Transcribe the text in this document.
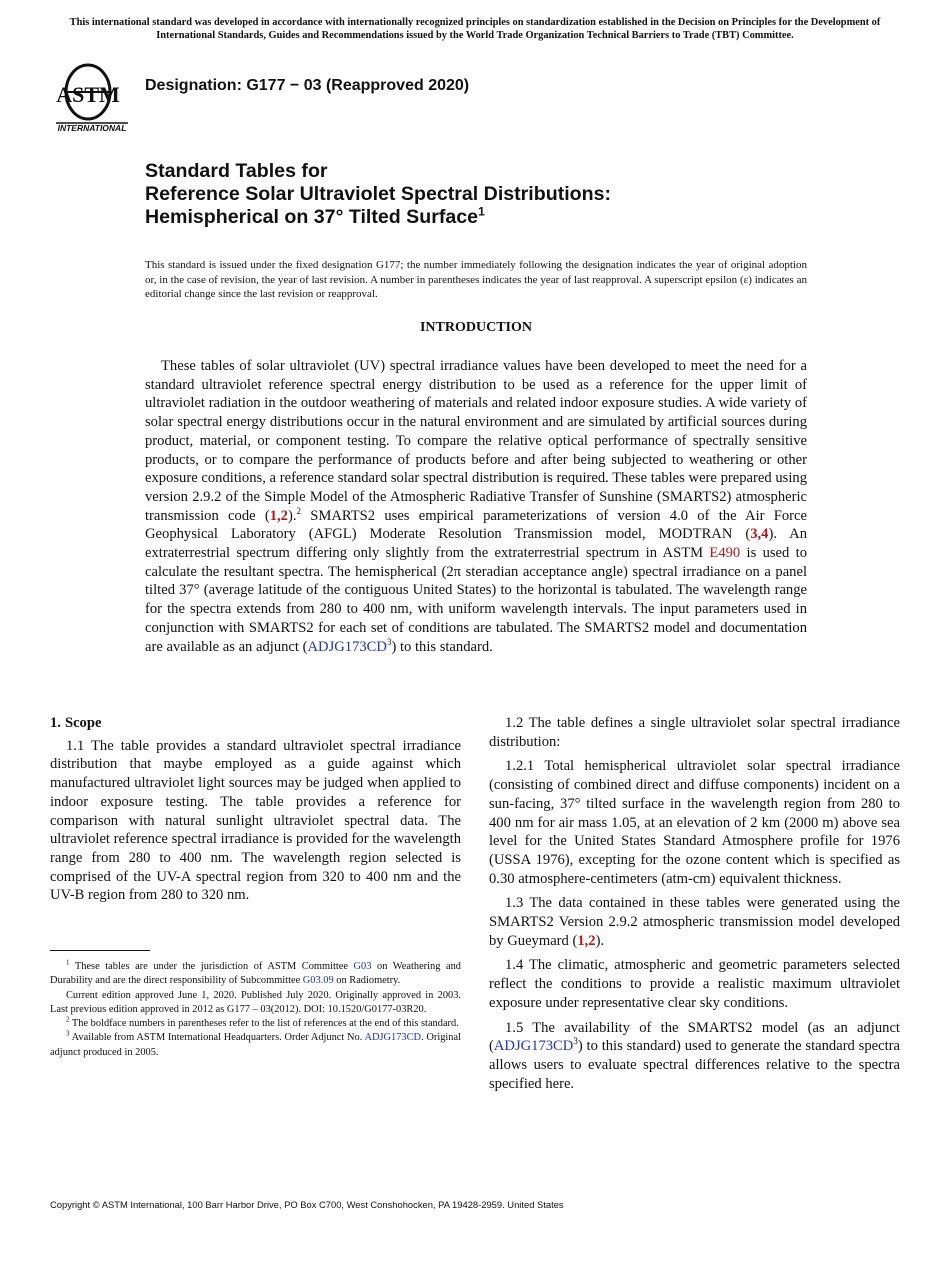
This international standard was developed in accordance with internationally recognized principles on standardization established in the Decision on Principles for the Development of International Standards, Guides and Recommendations issued by the World Trade Organization Technical Barriers to Trade (TBT) Committee.
ASTM
INTERNATIONAL
Designation: G177 − 03 (Reapproved 2020)
Standard Tables for
Reference Solar Ultraviolet Spectral Distributions:
Hemispherical on 37° Tilted Surface$^1$
This standard is issued under the fixed designation G177; the number immediately following the designation indicates the year of original adoption or, in the case of revision, the year of last revision. A number in parentheses indicates the year of last reapproval. A superscript epsilon (ε) indicates an editorial change since the last revision or reapproval.
INTRODUCTION
These tables of solar ultraviolet (UV) spectral irradiance values have been developed to meet the need for a standard ultraviolet reference spectral energy distribution to be used as a reference for the upper limit of ultraviolet radiation in the outdoor weathering of materials and related indoor exposure studies. A wide variety of solar spectral energy distributions occur in the natural environment and are simulated by artificial sources during product, material, or component testing. To compare the relative optical performance of spectrally sensitive products, or to compare the performance of products before and after being subjected to weathering or other exposure conditions, a reference standard solar spectral distribution is required. These tables were prepared using version 2.9.2 of the Simple Model of the Atmospheric Radiative Transfer of Sunshine (SMARTS2) atmospheric transmission code (1,2).$^2$ SMARTS2 uses empirical parameterizations of version 4.0 of the Air Force Geophysical Laboratory (AFGL) Moderate Resolution Transmission model, MODTRAN (3,4). An extraterrestrial spectrum differing only slightly from the extraterrestrial spectrum in ASTM E490 is used to calculate the resultant spectra. The hemispherical (2π steradian acceptance angle) spectral irradiance on a panel tilted 37° (average latitude of the contiguous United States) to the horizontal is tabulated. The wavelength range for the spectra extends from 280 to 400 nm, with uniform wavelength intervals. The input parameters used in conjunction with SMARTS2 for each set of conditions are tabulated. The SMARTS2 model and documentation are available as an adjunct $(ADJG173CD^3)$ to this standard.
1. Scope

1.1 The table provides a standard ultraviolet spectral irradiance distribution that maybe employed as a guide against which manufactured ultraviolet light sources may be judged when applied to indoor exposure testing. The table provides a reference for comparison with natural sunlight ultraviolet spectral data. The ultraviolet reference spectral irradiance is provided for the wavelength range from 280 to 400 nm. The wavelength region selected is comprised of the UV-A spectral region from 320 to 400 nm and the UV-B region from 280 to 320 nm.

$^1$ These tables are under the jurisdiction of ASTM Committee G03 on Weathering and Durability and are the direct responsibility of Subcommittee G03.09 on Radiometry.

Current edition approved June 1, 2020. Published July 2020. Originally approved in 2003. Last previous edition approved in 2012 as G177 – 03(2012). DOI: 10.1520/G0177-03R20.

$^2$ The boldface numbers in parentheses refer to the list of references at the end of this standard.

$^3$ Available from ASTM International Headquarters. Order Adjunct No. ADJG173CD. Original adjunct produced in 2005.

1.2 The table defines a single ultraviolet solar spectral irradiance distribution:

1.2.1 Total hemispherical ultraviolet solar spectral irradiance (consisting of combined direct and diffuse components) incident on a sun-facing, 37° tilted surface in the wavelength region from 280 to 400 nm for air mass 1.05, at an elevation of 2 km (2000 m) above sea level for the United States Standard Atmosphere profile for 1976 (USSA 1976), excepting for the ozone content which is specified as 0.30 atmosphere-centimeters (atm-cm) equivalent thickness.

1.3 The data contained in these tables were generated using the SMARTS2 Version 2.9.2 atmospheric transmission model developed by Gueymard (1,2).

1.4 The climatic, atmospheric and geometric parameters selected reflect the conditions to provide a realistic maximum ultraviolet exposure under representative clear sky conditions.

1.5 The availability of the SMARTS2 model (as an adjunct $(ADJG173CD^3)$ to this standard) used to generate the standard spectra allows users to evaluate spectral differences relative to the spectra specified here.

Copyright © ASTM International, 100 Barr Harbor Drive, PO Box C700, West Conshohocken, PA 19428-2959. United States
